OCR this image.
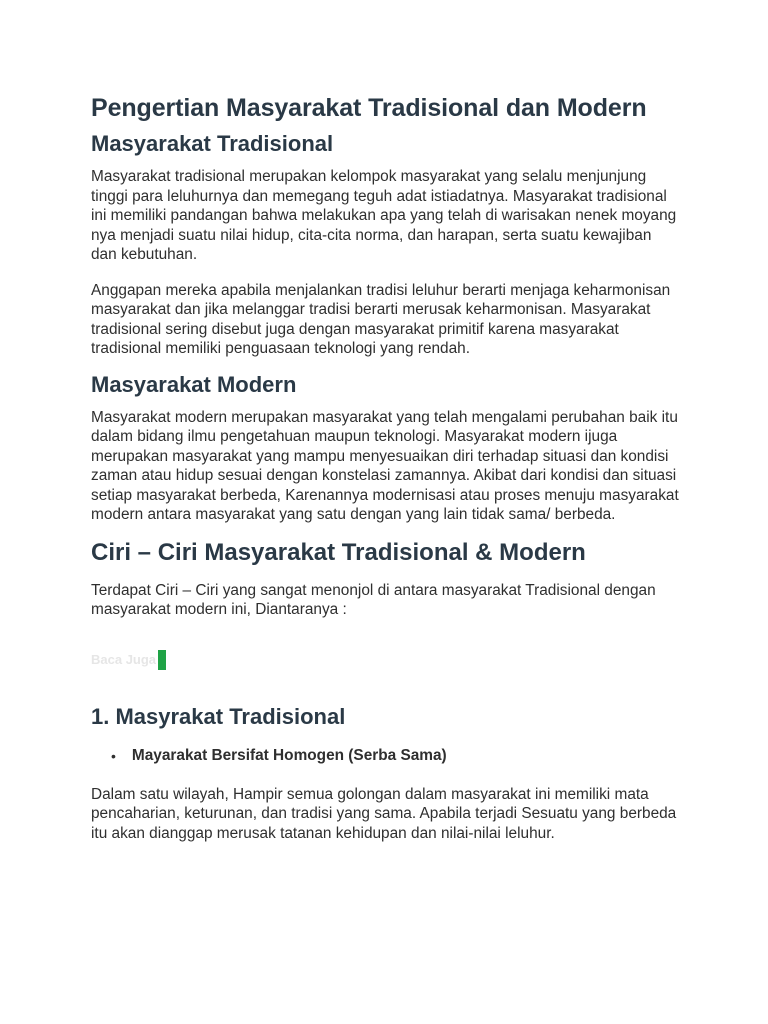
Pengertian Masyarakat Tradisional dan Modern
Masyarakat Tradisional

Masyarakat tradisional merupakan kelompok masyarakat yang selalu menjunjung tinggi para leluhurnya dan memegang teguh adat istiadatnya. Masyarakat tradisional ini memiliki pandangan bahwa melakukan apa yang telah di warisakan nenek moyang nya menjadi suatu nilai hidup, cita-cita norma, dan harapan, serta suatu kewajiban dan kebutuhan.

Anggapan mereka apabila menjalankan tradisi leluhur berarti menjaga keharmonisan masyarakat dan jika melanggar tradisi berarti merusak keharmonisan. Masyarakat tradisional sering disebut juga dengan masyarakat primitif karena masyarakat tradisional memiliki penguasaan teknologi yang rendah.

Masyarakat Modern

Masyarakat modern merupakan masyarakat yang telah mengalami perubahan baik itu dalam bidang ilmu pengetahuan maupun teknologi. Masyarakat modern ijuga merupakan masyarakat yang mampu menyesuaikan diri terhadap situasi dan kondisi zaman atau hidup sesuai dengan konstelasi zamannya. Akibat dari kondisi dan situasi setiap masyarakat berbeda, Karenannya modernisasi atau proses menuju masyarakat modern antara masyarakat yang satu dengan yang lain tidak sama/ berbeda.

Ciri – Ciri Masyarakat Tradisional & Modern

Terdapat Ciri – Ciri yang sangat menonjol di antara masyarakat Tradisional dengan masyarakat modern ini, Diantaranya :

Baca Juga
1. Masyrakat Tradisional
• Mayarakat Bersifat Homogen (Serba Sama)

Dalam satu wilayah, Hampir semua golongan dalam masyarakat ini memiliki mata pencaharian, keturunan, dan tradisi yang sama. Apabila terjadi Sesuatu yang berbeda itu akan dianggap merusak tatanan kehidupan dan nilai-nilai leluhur.
